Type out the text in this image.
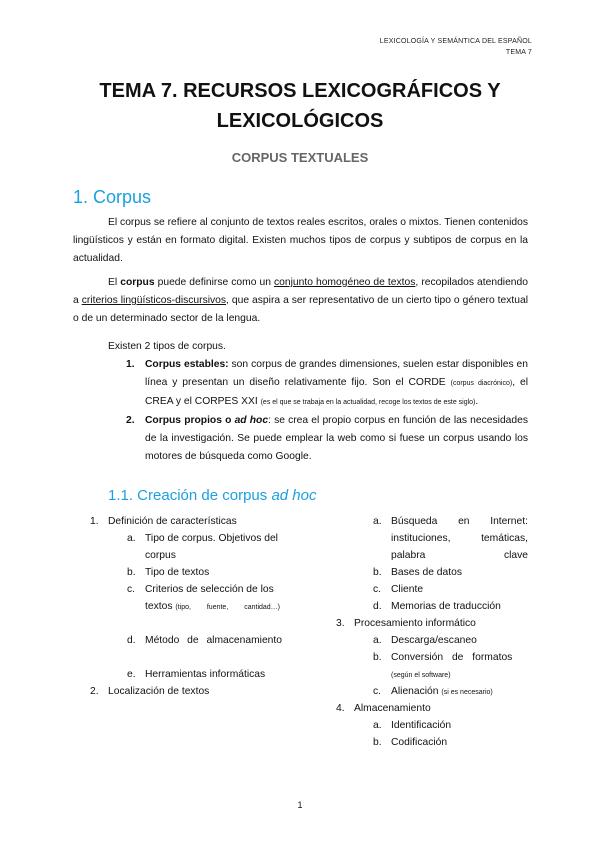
LEXICOLOGÍA Y SEMÁNTICA DEL ESPAÑOL
TEMA 7
TEMA 7. RECURSOS LEXICOGRÁFICOS Y
LEXICOLÓGICOS
CORPUS TEXTUALES
1. Corpus
El corpus se refiere al conjunto de textos reales escritos, orales o mixtos. Tienen contenidos lingüísticos y están en formato digital. Existen muchos tipos de corpus y subtipos de corpus en la actualidad.
El corpus puede definirse como un conjunto homogéneo de textos, recopilados atendiendo a criterios lingüísticos-discursivos, que aspira a ser representativo de un cierto tipo o género textual o de un determinado sector de la lengua.
Existen 2 tipos de corpus.
1. Corpus estables: son corpus de grandes dimensiones, suelen estar disponibles en línea y presentan un diseño relativamente fijo. Son el CORDE (corpus diacrónico), el CREA y el CORPES XXI (es el que se trabaja en la actualidad, recoge los textos de este siglo).
2. Corpus propios o ad hoc: se crea el propio corpus en función de las necesidades de la investigación. Se puede emplear la web como si fuese un corpus usando los motores de búsqueda como Google.
1.1. Creación de corpus ad hoc
1. Definición de características
a. Tipo de corpus. Objetivos del corpus
b. Tipo de textos
c. Criterios de selección de los textos (tipo, fuente, cantidad…)
d. Método de almacenamiento
e. Herramientas informáticas
2. Localización de textos
a. Búsqueda en Internet: instituciones, temáticas, palabra clave
b. Bases de datos
c. Cliente
d. Memorias de traducción
3. Procesamiento informático
a. Descarga/escaneo
b. Conversión de formatos
(según el software)
c. Alienación (si es necesario)
4. Almacenamiento
a. Identificación
b. Codificación
1
